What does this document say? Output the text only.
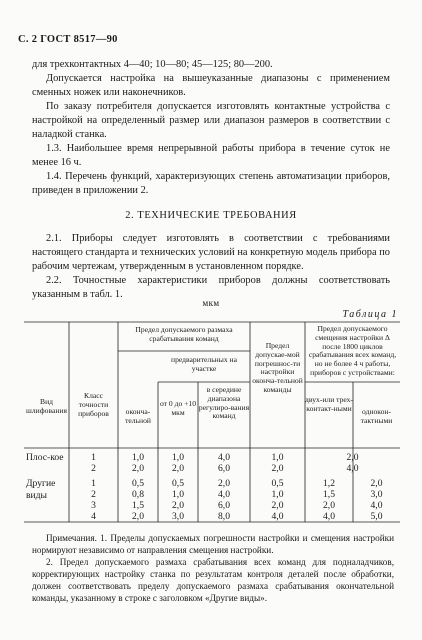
С. 2 ГОСТ 8517—90
для трехконтактных 4—40; 10—80; 45—125; 80—200.
Допускается настройка на вышеуказанные диапазоны с применением сменных ножек или наконечников.
По заказу потребителя допускается изготовлять контактные устройства с настройкой на определенный размер или диапазон размеров в соответствии с наладкой станка.
1.3. Наибольшее время непрерывной работы прибора в течение суток не менее 16 ч.
1.4. Перечень функций, характеризующих степень автоматизации приборов, приведен в приложении 2.
2. ТЕХНИЧЕСКИЕ ТРЕБОВАНИЯ
2.1. Приборы следует изготовлять в соответствии с требованиями настоящего стандарта и технических условий на конкретную модель прибора по рабочим чертежам, утвержденным в установленном порядке.
2.2. Точностные характеристики приборов должны соответствовать указанным в табл. 1.
мкм
Таблица 1
Вид шлифования
Класс точности приборов
Предел допускаемого размаха срабатывания команд
оконча-тельной
предварительных на участке
от 0 до +10 мкм
в середине диапазона регулиро-вания команд
Предел допускае-мой погрешнос-ти настройки оконча-тельной команды
Предел допускаемого смещения настройки Δ после 1800 циклов срабатывания всех команд, но не более 4 ч работы, приборов с устройствами:
двух-или трех-контакт-ными	однокон-тактными
Плос-кое	1
2
1,0
2,0
1,0
2,0
4,0
6,0
1,0
2,0
2,0
4,0
Другие виды
1
2
3
4
0,5
0,8
1,5
2,0
0,5
1,0
2,0
3,0
2,0
4,0
6,0
8,0
0,5
1,0
2,0
4,0
1,2
1,5
2,0
4,0
2,0
3,0
4,0
5,0
Примечания. 1. Пределы допускаемых погрешности настройки и смещения настройки нормируют независимо от направления смещения настройки.
2. Предел допускаемого размаха срабатывания всех команд для подналадчиков, корректирующих настройку станка по результатам контроля деталей после обработки, должен соответствовать пределу допускаемого размаха срабатывания окончательной команды, указанному в строке с заголовком «Другие виды».
